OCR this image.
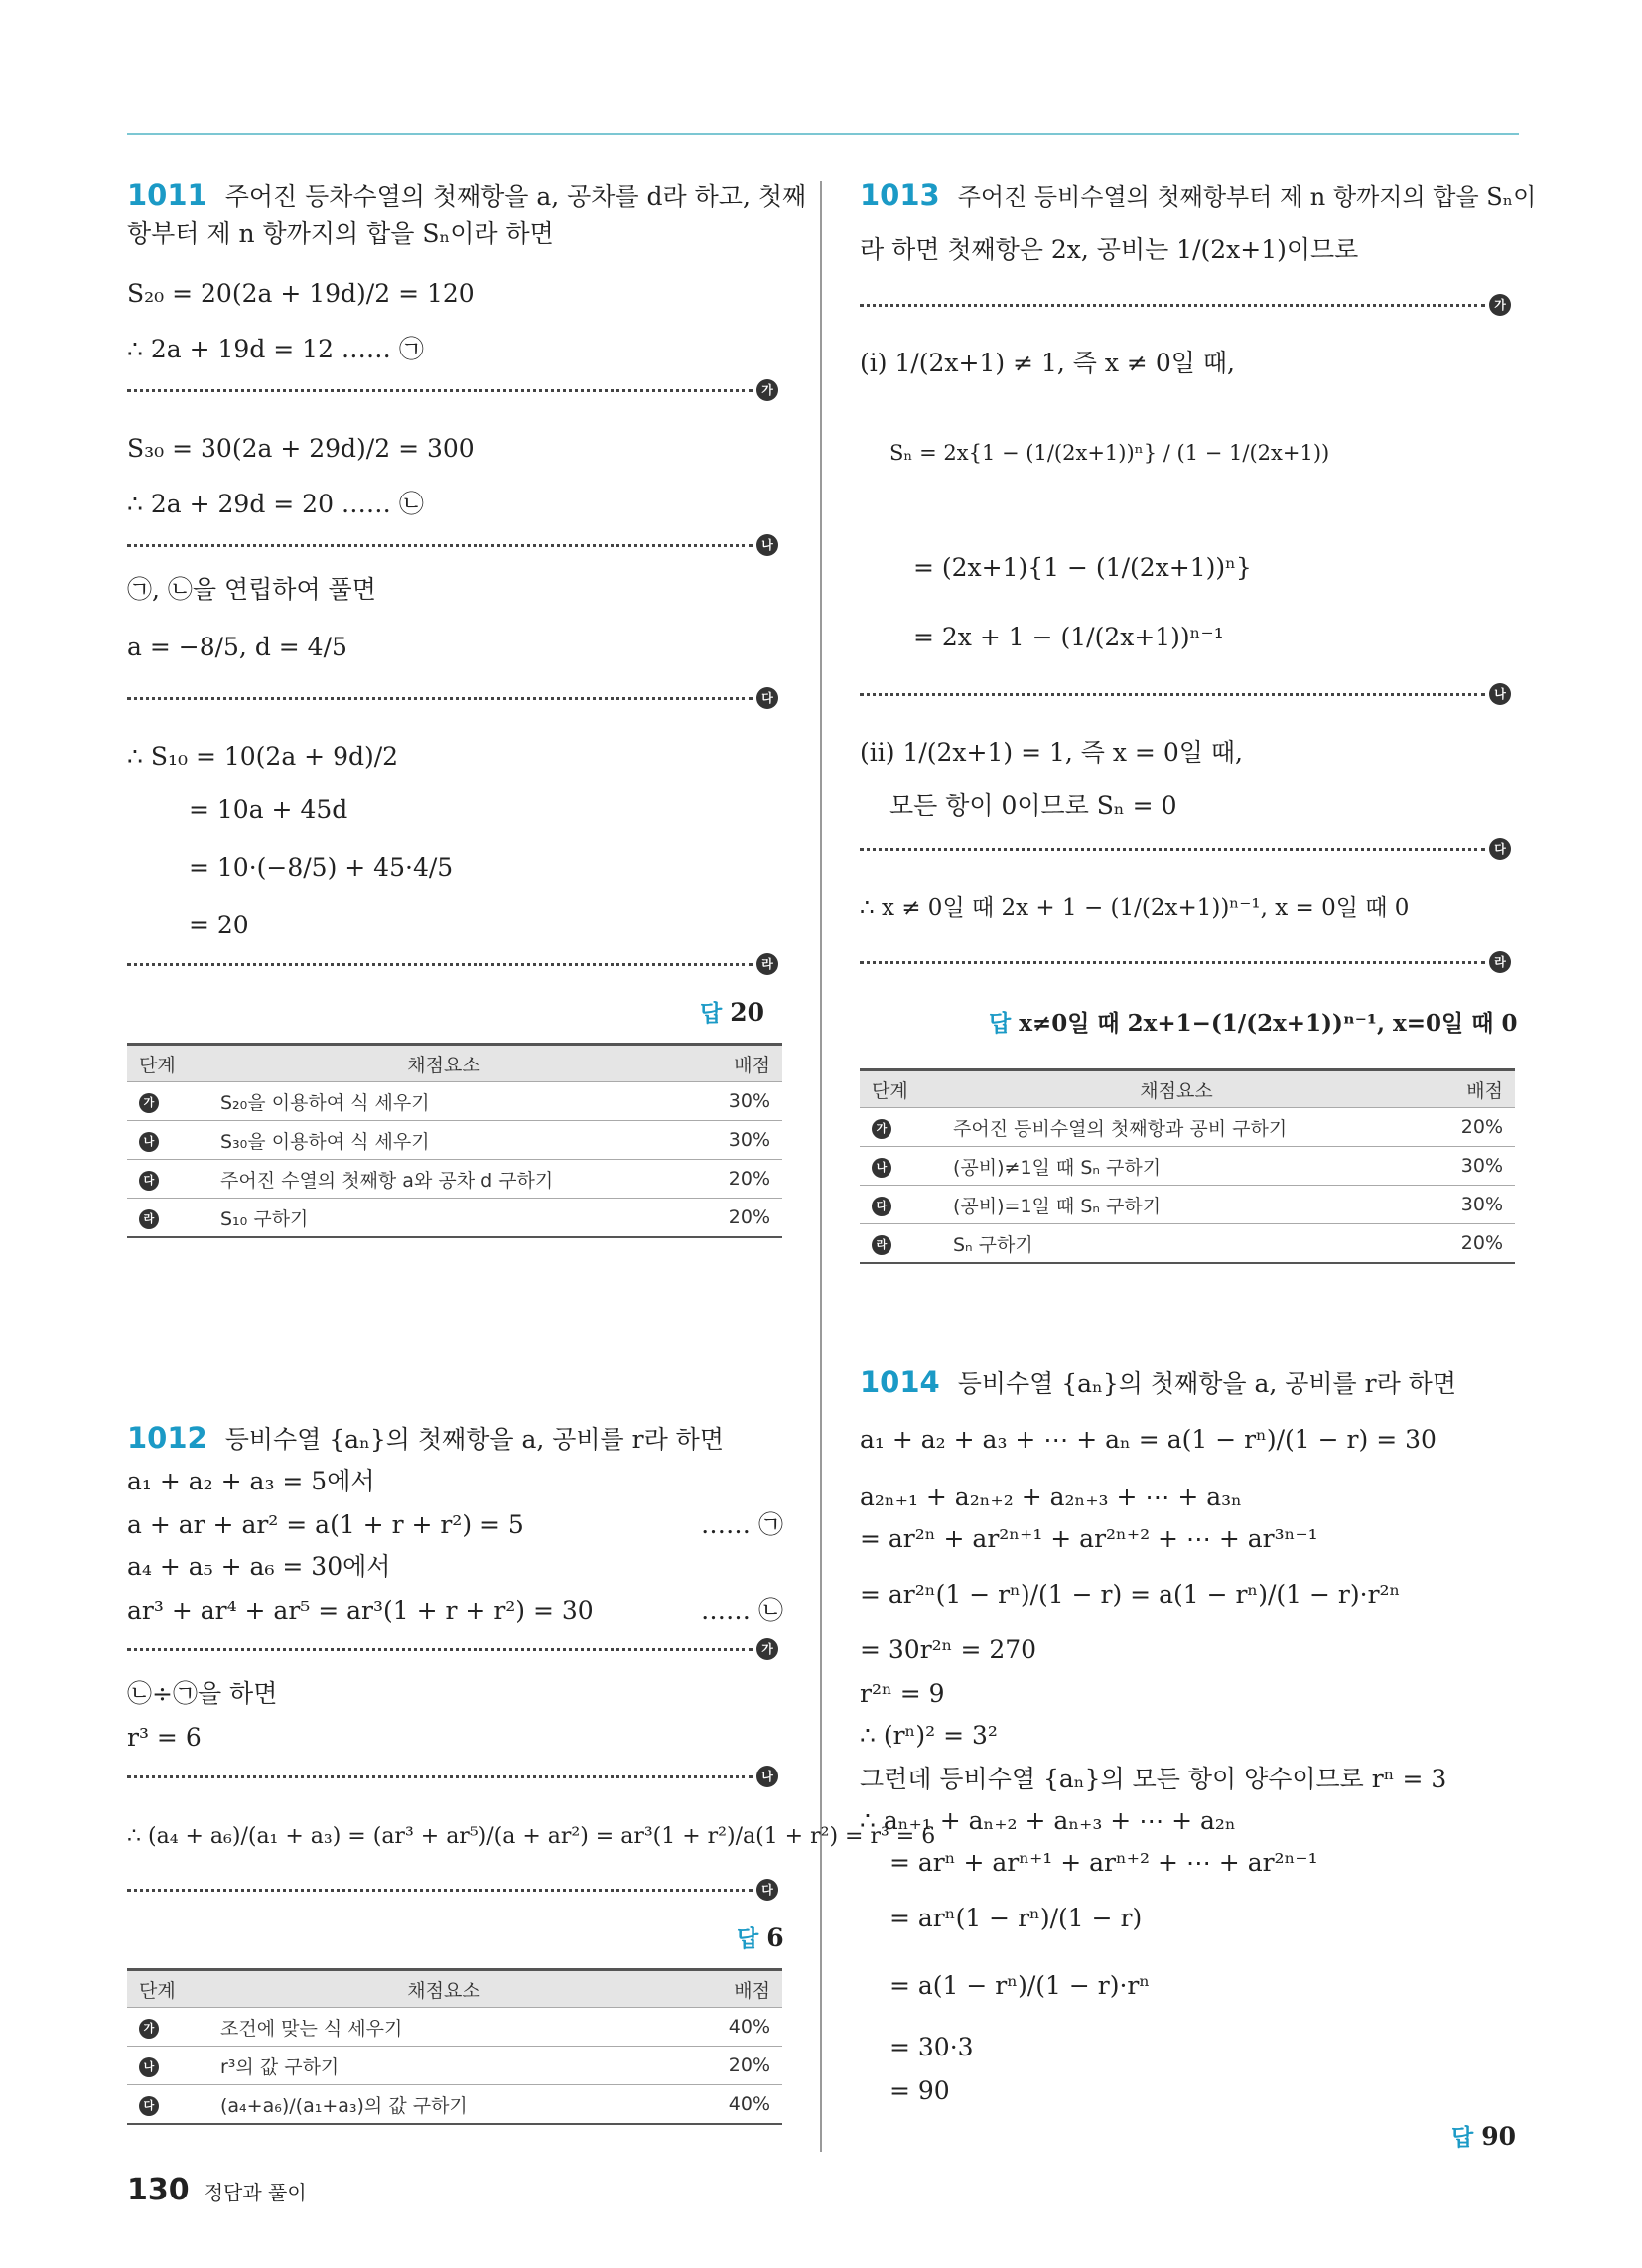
1011 주어진 등차수열의 첫째항을 a, 공차를 d라 하고, 첫째
항부터 제 n 항까지의 합을 Sₙ이라 하면
S₂₀ = 20(2a + 19d)/2 = 120
∴ 2a + 19d = 12 …… ㉠
가
S₃₀ = 30(2a + 29d)/2 = 300
∴ 2a + 29d = 20 …… ㉡
나
㉠, ㉡을 연립하여 풀면
a = −8/5, d = 4/5
다
∴ S₁₀ = 10(2a + 9d)/2
= 10a + 45d
= 10·(−8/5) + 45·4/5
= 20
라
답 20
단계	채점요소	배점
가	S₂₀을 이용하여 식 세우기	30%
나	S₃₀을 이용하여 식 세우기	30%
다	주어진 수열의 첫째항 a와 공차 d 구하기	20%
라	S₁₀ 구하기	20%
1012 등비수열 {aₙ}의 첫째항을 a, 공비를 r라 하면
a₁ + a₂ + a₃ = 5에서
a + ar + ar² = a(1 + r + r²) = 5	…… ㉠
a₄ + a₅ + a₆ = 30에서
ar³ + ar⁴ + ar⁵ = ar³(1 + r + r²) = 30	…… ㉡
가
㉡÷㉠을 하면
r³ = 6
나
∴ (a₄ + a₆)/(a₁ + a₃) = (ar³ + ar⁵)/(a + ar²) = ar³(1 + r²)/a(1 + r²) = r³ = 6
다
답 6
단계	채점요소	배점
가	조건에 맞는 식 세우기	40%
나	r³의 값 구하기	20%
다	(a₄+a₆)/(a₁+a₃)의 값 구하기	40%
1013 주어진 등비수열의 첫째항부터 제 n 항까지의 합을 Sₙ이
라 하면 첫째항은 2x, 공비는 1/(2x+1)이므로
가
(i) 1/(2x+1) ≠ 1, 즉 x ≠ 0일 때,
Sₙ = 2x{1 − (1/(2x+1))ⁿ} / (1 − 1/(2x+1))
= (2x+1){1 − (1/(2x+1))ⁿ}
= 2x + 1 − (1/(2x+1))ⁿ⁻¹
나
(ii) 1/(2x+1) = 1, 즉 x = 0일 때,
모든 항이 0이므로 Sₙ = 0
다
∴ x ≠ 0일 때 2x + 1 − (1/(2x+1))ⁿ⁻¹, x = 0일 때 0
라
답 x≠0일 때 2x+1−(1/(2x+1))ⁿ⁻¹, x=0일 때 0
단계	채점요소	배점
가	주어진 등비수열의 첫째항과 공비 구하기	20%
나	(공비)≠1일 때 Sₙ 구하기	30%
다	(공비)=1일 때 Sₙ 구하기	30%
라	Sₙ 구하기	20%
1014 등비수열 {aₙ}의 첫째항을 a, 공비를 r라 하면
a₁ + a₂ + a₃ + ⋯ + aₙ = a(1 − rⁿ)/(1 − r) = 30
a₂ₙ₊₁ + a₂ₙ₊₂ + a₂ₙ₊₃ + ⋯ + a₃ₙ
= ar²ⁿ + ar²ⁿ⁺¹ + ar²ⁿ⁺² + ⋯ + ar³ⁿ⁻¹
= ar²ⁿ(1 − rⁿ)/(1 − r) = a(1 − rⁿ)/(1 − r)·r²ⁿ
= 30r²ⁿ = 270
r²ⁿ = 9
∴ (rⁿ)² = 3²
그런데 등비수열 {aₙ}의 모든 항이 양수이므로 rⁿ = 3
∴ aₙ₊₁ + aₙ₊₂ + aₙ₊₃ + ⋯ + a₂ₙ
= arⁿ + arⁿ⁺¹ + arⁿ⁺² + ⋯ + ar²ⁿ⁻¹
= arⁿ(1 − rⁿ)/(1 − r)
= a(1 − rⁿ)/(1 − r)·rⁿ
= 30·3
= 90
답 90
130 정답과 풀이
